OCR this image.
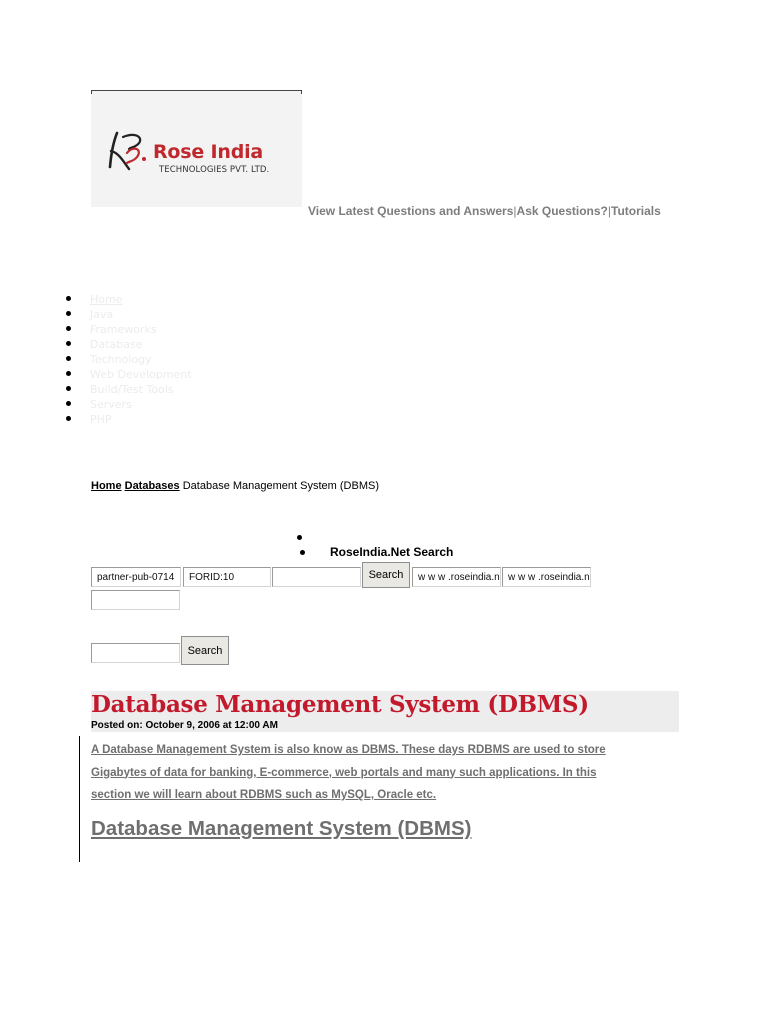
Rose India
TECHNOLOGIES PVT. LTD.
View Latest Questions and Answers|Ask Questions?|Tutorials
Home
Java
Frameworks
Database
Technology
Web Development
Build/Test Tools
Servers
PHP
Home Databases Database Management System (DBMS)
RoseIndia.Net Search
partner-pub-0714
FORID:10
Search
w w w .roseindia.n
w w w .roseindia.n
Search
Database Management System (DBMS)
Posted on: October 9, 2006 at 12:00 AM

A Database Management System is also know as DBMS. These days RDBMS are used to store
Gigabytes of data for banking, E-commerce, web portals and many such applications. In this
section we will learn about RDBMS such as MySQL, Oracle etc.

Database Management System (DBMS)
